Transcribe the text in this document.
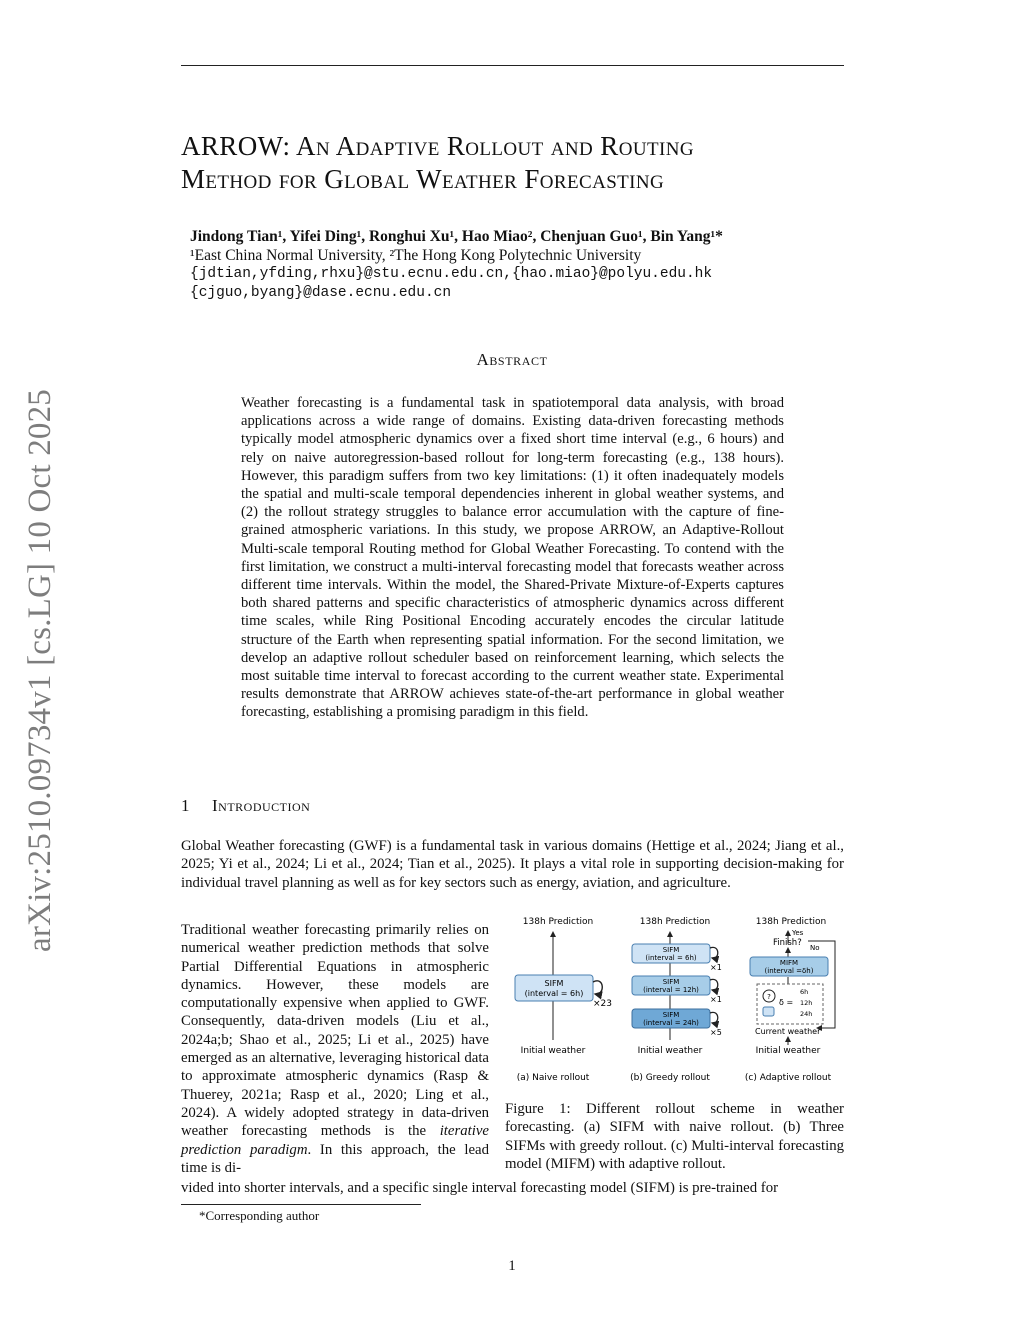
arXiv:2510.09734v1 [cs.LG] 10 Oct 2025
ARROW: An Adaptive Rollout and Routing
Method for Global Weather Forecasting
Jindong Tian¹, Yifei Ding¹, Ronghui Xu¹, Hao Miao², Chenjuan Guo¹, Bin Yang¹*
¹East China Normal University, ²The Hong Kong Polytechnic University
{jdtian,yfding,rhxu}@stu.ecnu.edu.cn,{hao.miao}@polyu.edu.hk
{cjguo,byang}@dase.ecnu.edu.cn
Abstract
Weather forecasting is a fundamental task in spatiotemporal data analysis, with broad applications across a wide range of domains. Existing data-driven forecasting methods typically model atmospheric dynamics over a fixed short time interval (e.g., 6 hours) and rely on naive autoregression-based rollout for long-term forecasting (e.g., 138 hours). However, this paradigm suffers from two key limitations: (1) it often inadequately models the spatial and multi-scale temporal dependencies inherent in global weather systems, and (2) the rollout strategy struggles to balance error accumulation with the capture of fine-grained atmospheric variations. In this study, we propose ARROW, an Adaptive-Rollout Multi-scale temporal Routing method for Global Weather Forecasting. To contend with the first limitation, we construct a multi-interval forecasting model that forecasts weather across different time intervals. Within the model, the Shared-Private Mixture-of-Experts captures both shared patterns and specific characteristics of atmospheric dynamics across different time scales, while Ring Positional Encoding accurately encodes the circular latitude structure of the Earth when representing spatial information. For the second limitation, we develop an adaptive rollout scheduler based on reinforcement learning, which selects the most suitable time interval to forecast according to the current weather state. Experimental results demonstrate that ARROW achieves state-of-the-art performance in global weather forecasting, establishing a promising paradigm in this field.
1 Introduction
Global Weather forecasting (GWF) is a fundamental task in various domains (Hettige et al., 2024; Jiang et al., 2025; Yi et al., 2024; Li et al., 2024; Tian et al., 2025). It plays a vital role in supporting decision-making for individual travel planning as well as for key sectors such as energy, aviation, and agriculture.
Traditional weather forecasting primarily relies on numerical weather prediction methods that solve Partial Differential Equations in atmospheric dynamics. However, these models are computationally expensive when applied to GWF. Consequently, data-driven models (Liu et al., 2024a;b; Shao et al., 2025; Li et al., 2025) have emerged as an alternative, leveraging historical data to approximate atmospheric dynamics (Rasp & Thuerey, 2021a; Rasp et al., 2020; Ling et al., 2024). A widely adopted strategy in data-driven weather forecasting methods is the iterative prediction paradigm. In this approach, the lead time is di-
vided into shorter intervals, and a specific single interval forecasting model (SIFM) is pre-trained for
138h Prediction
SIFM
(interval = 6h)
×23
Initial weather
(a) Naive rollout
138h Prediction
SIFM
(interval = 6h)
×1
SIFM
(interval = 12h)
×1
SIFM
(interval = 24h)
×5
Initial weather
(b) Greedy rollout
138h Prediction
Yes
Finish? No
MIFM
(interval =δh)
?
δ =
6h
12h
24h
Current weather
Initial weather
(c) Adaptive rollout
Figure 1: Different rollout scheme in weather forecasting. (a) SIFM with naive rollout. (b) Three SIFMs with greedy rollout. (c) Multi-interval forecasting model (MIFM) with adaptive rollout.
*Corresponding author
1
